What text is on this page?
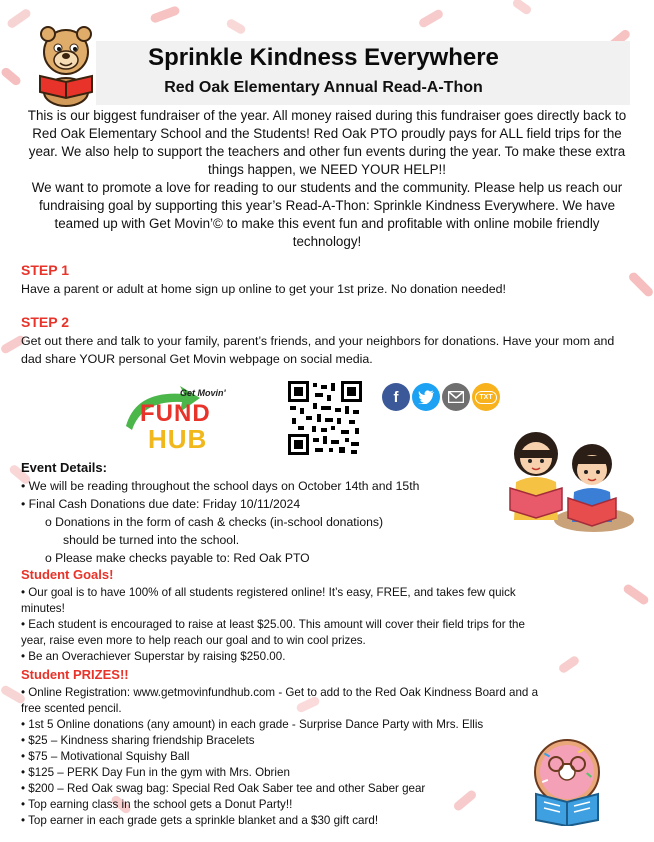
Sprinkle Kindness Everywhere
Red Oak Elementary Annual Read-A-Thon

This is our biggest fundraiser of the year. All money raised during this fundraiser goes directly back to Red Oak Elementary School and the Students! Red Oak PTO proudly pays for ALL field trips for the year. We also help to support the teachers and other fun events during the year. To make these extra things happen, we NEED YOUR HELP!!

We want to promote a love for reading to our students and the community. Please help us reach our fundraising goal by supporting this year’s Read-A-Thon: Sprinkle Kindness Everywhere. We have teamed up with Get Movin’© to make this event fun and profitable with online mobile friendly technology!

STEP 1
Have a parent or adult at home sign up online to get your 1st prize. No donation needed!
STEP 2
Get out there and talk to your family, parent’s friends, and your neighbors for donations. Have your mom and dad share YOUR personal Get Movin webpage on social media.
Get Movin'
FUND
HUB
f	TXT
Event Details:
• We will be reading throughout the school days on October 14th and 15th
• Final Cash Donations due date: Friday 10/11/2024
o Donations in the form of cash & checks (in-school donations)
should be turned into the school.
o Please make checks payable to: Red Oak PTO
Student Goals!
• Our goal is to have 100% of all students registered online! It’s easy, FREE, and takes few quick
minutes!
• Each student is encouraged to raise at least $25.00. This amount will cover their field trips for the
year, raise even more to help reach our goal and to win cool prizes.
• Be an Overachiever Superstar by raising $250.00.
Student PRIZES!!
• Online Registration: www.getmovinfundhub.com - Get to add to the Red Oak Kindness Board and a
free scented pencil.
• 1st 5 Online donations (any amount) in each grade - Surprise Dance Party with Mrs. Ellis
• $25 – Kindness sharing friendship Bracelets
• $75 – Motivational Squishy Ball
• $125 – PERK Day Fun in the gym with Mrs. Obrien
• $200 – Red Oak swag bag: Special Red Oak Saber tee and other Saber gear
• Top earning class in the school gets a Donut Party!!
• Top earner in each grade gets a sprinkle blanket and a $30 gift card!
